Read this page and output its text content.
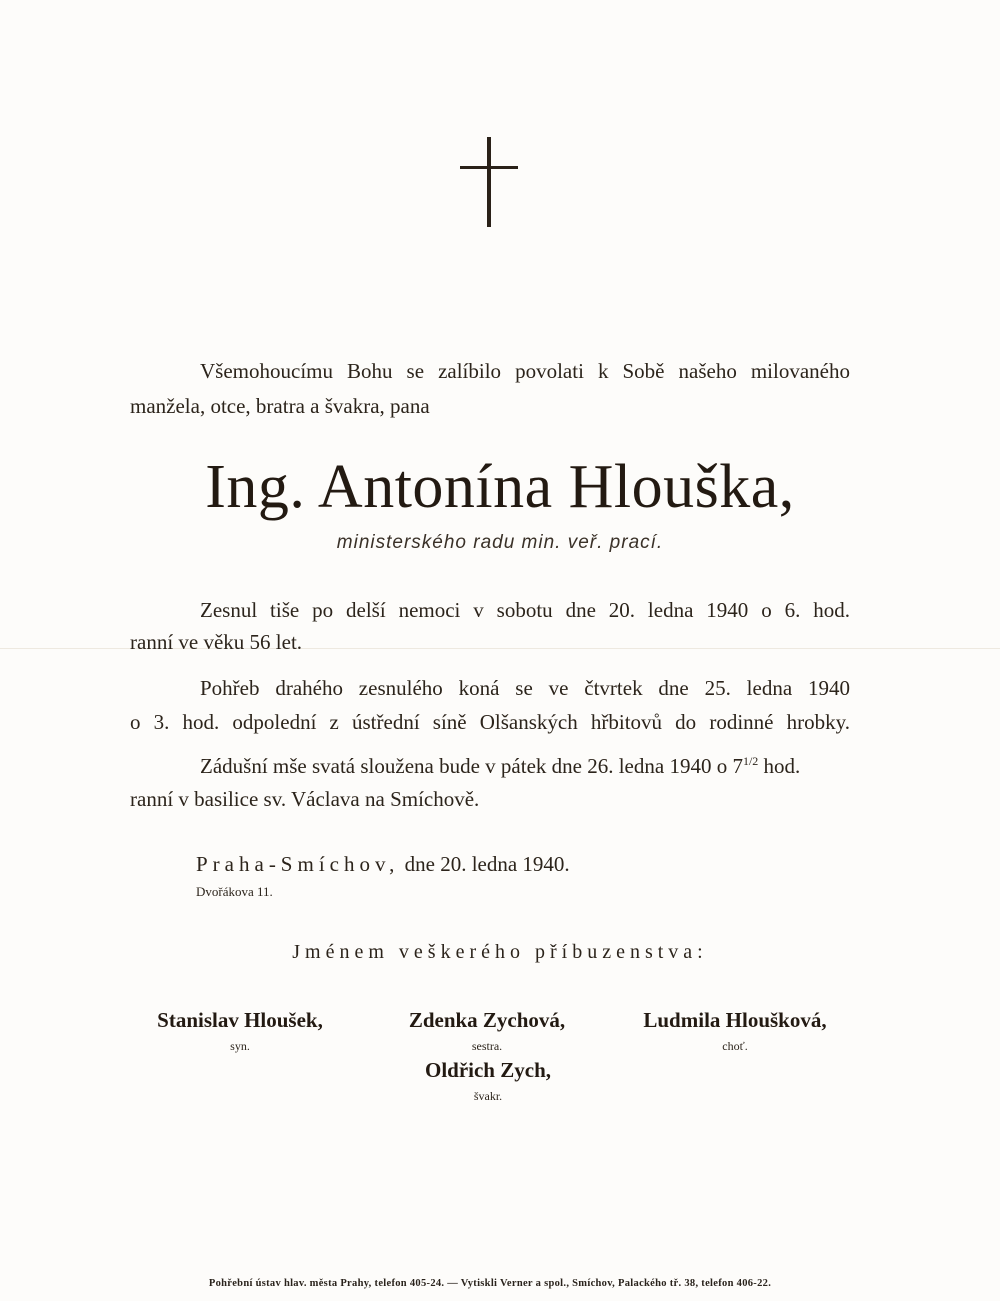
Všemohoucímu Bohu se zalíbilo povolati k Sobě našeho milovaného
manžela, otce, bratra a švakra, pana
Ing. Antonína Hlouška,
ministerského radu min. veř. prací.
Zesnul tiše po delší nemoci v sobotu dne 20. ledna 1940 o 6. hod.
ranní ve věku 56 let.
Pohřeb drahého zesnulého koná se ve čtvrtek dne 25. ledna 1940
o 3. hod. odpolední z ústřední síně Olšanských hřbitovů do rodinné hrobky.
Zádušní mše svatá sloužena bude v pátek dne 26. ledna 1940 o $7^{1/2}$ hod.
ranní v basilice sv. Václava na Smíchově.
Praha-Smíchov, dne 20. ledna 1940.
Dvořákova 11.
Jménem veškerého příbuzenstva:
Stanislav Hloušek,
syn.
Zdenka Zychová,
sestra.
Ludmila Hloušková,
choť.
Oldřich Zych,
švakr.
Pohřební ústav hlav. města Prahy, telefon 405-24. — Vytiskli Verner a spol., Smíchov, Palackého tř. 38, telefon 406-22.
